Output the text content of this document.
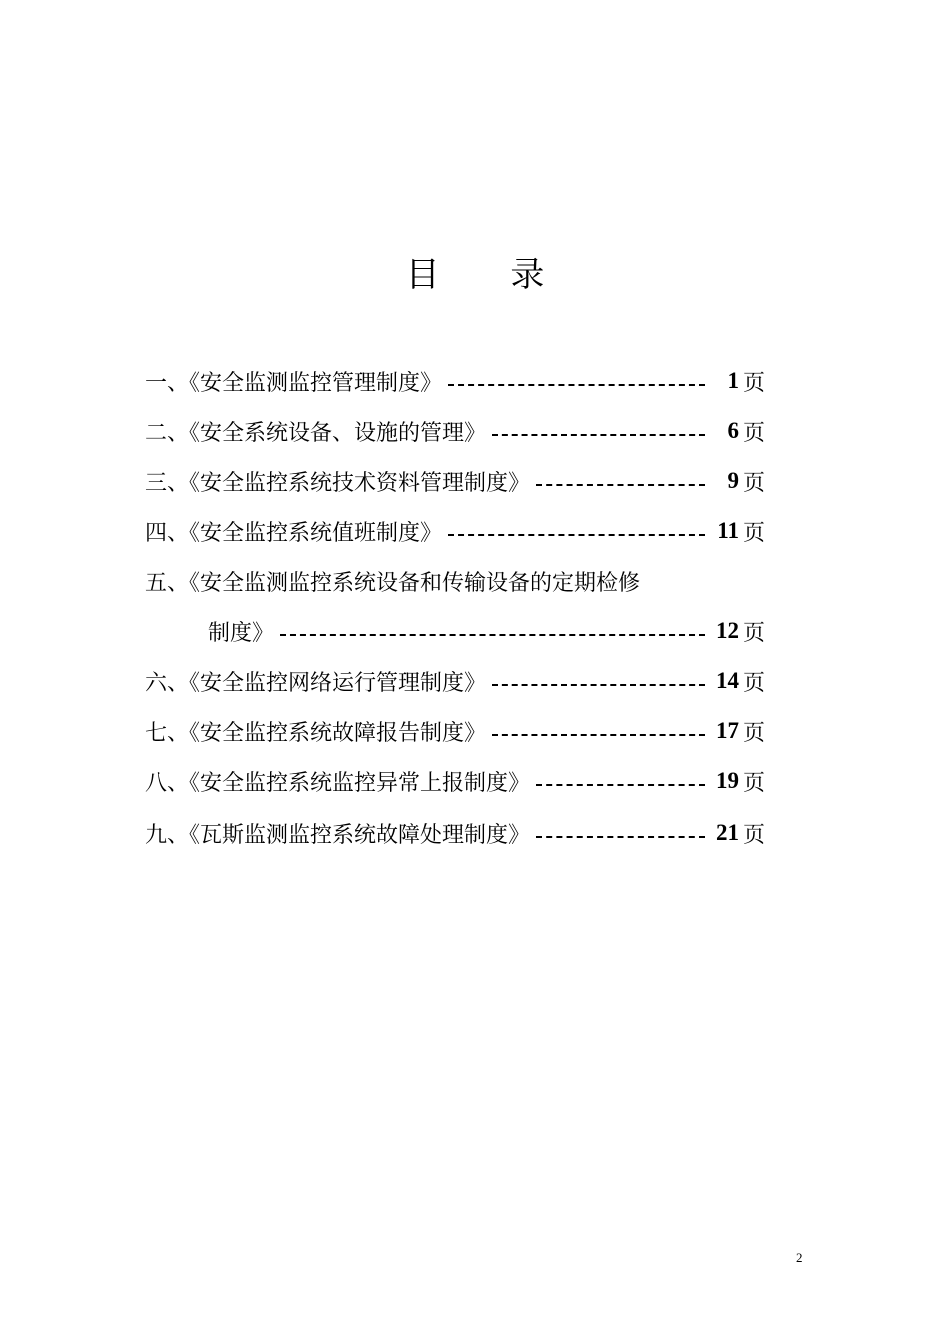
目 录
一、《安全监测监控管理制度》	1 页
二、《安全系统设备、设施的管理》	6 页
三、《安全监控系统技术资料管理制度》	9 页
四、《安全监控系统值班制度》	11 页
五、《安全监测监控系统设备和传输设备的定期检修
制度》	12 页
六、《安全监控网络运行管理制度》	14 页
七、《安全监控系统故障报告制度》	17 页
八、《安全监控系统监控异常上报制度》	19 页
九、《瓦斯监测监控系统故障处理制度》	21 页
2
